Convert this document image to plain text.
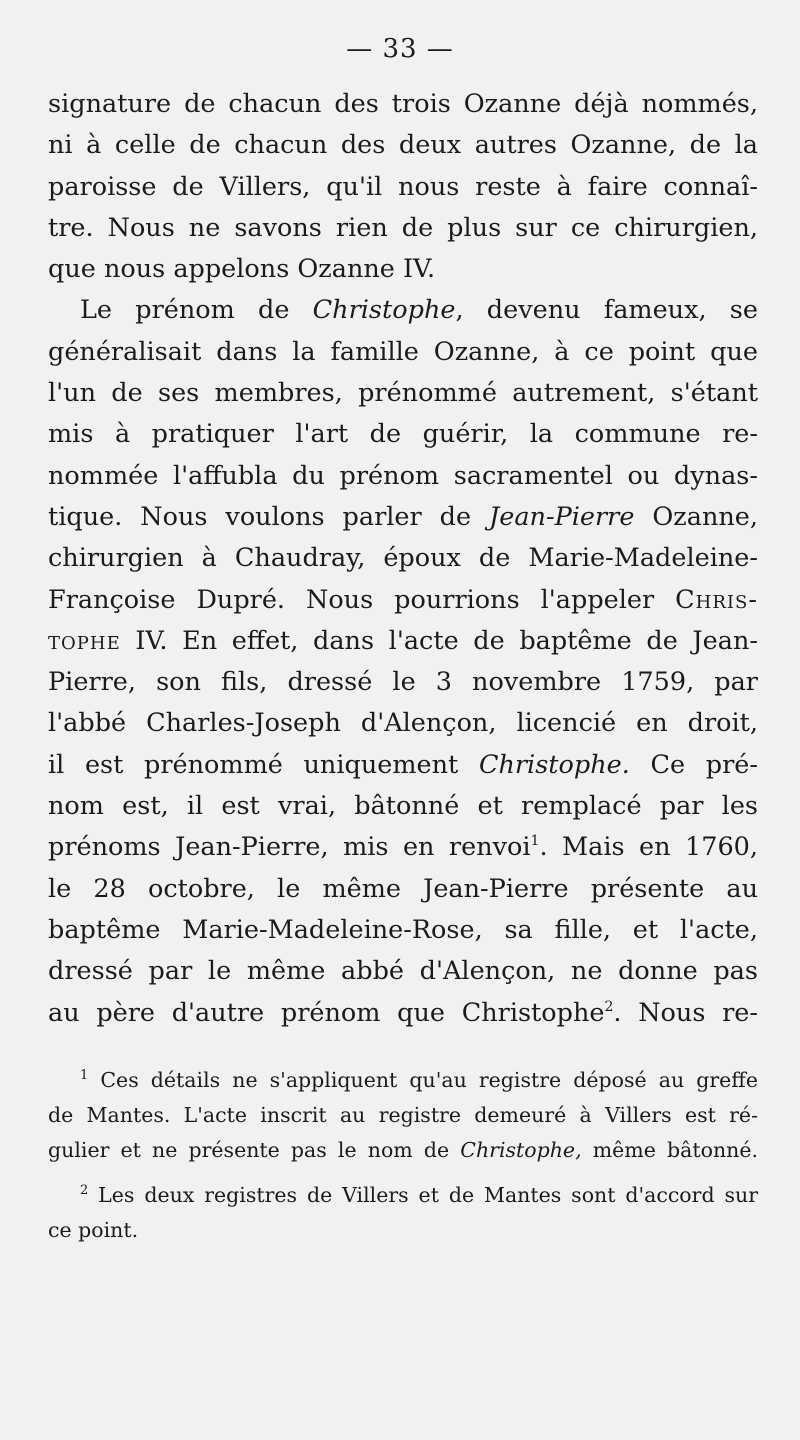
— 33 —
signature de chacun des trois Ozanne déjà nommés,
ni à celle de chacun des deux autres Ozanne, de la
paroisse de Villers, qu'il nous reste à faire connaî-
tre. Nous ne savons rien de plus sur ce chirurgien,
que nous appelons Ozanne IV.
Le prénom de Christophe, devenu fameux, se
généralisait dans la famille Ozanne, à ce point que
l'un de ses membres, prénommé autrement, s'étant
mis à pratiquer l'art de guérir, la commune re-
nommée l'affubla du prénom sacramentel ou dynas-
tique. Nous voulons parler de Jean-Pierre Ozanne,
chirurgien à Chaudray, époux de Marie-Madeleine-
Françoise Dupré. Nous pourrions l'appeler Chris-
tophe IV. En effet, dans l'acte de baptême de Jean-
Pierre, son fils, dressé le 3 novembre 1759, par
l'abbé Charles-Joseph d'Alençon, licencié en droit,
il est prénommé uniquement Christophe. Ce pré-
nom est, il est vrai, bâtonné et remplacé par les
prénoms Jean-Pierre, mis en renvoi$^1$. Mais en 1760,
le 28 octobre, le même Jean-Pierre présente au
baptême Marie-Madeleine-Rose, sa fille, et l'acte,
dressé par le même abbé d'Alençon, ne donne pas
au père d'autre prénom que Christophe$^2$. Nous re-
$^1$ Ces détails ne s'appliquent qu'au registre déposé au greffe
de Mantes. L'acte inscrit au registre demeuré à Villers est ré-
gulier et ne présente pas le nom de Christophe, même bâtonné.
$^2$ Les deux registres de Villers et de Mantes sont d'accord sur
ce point.
